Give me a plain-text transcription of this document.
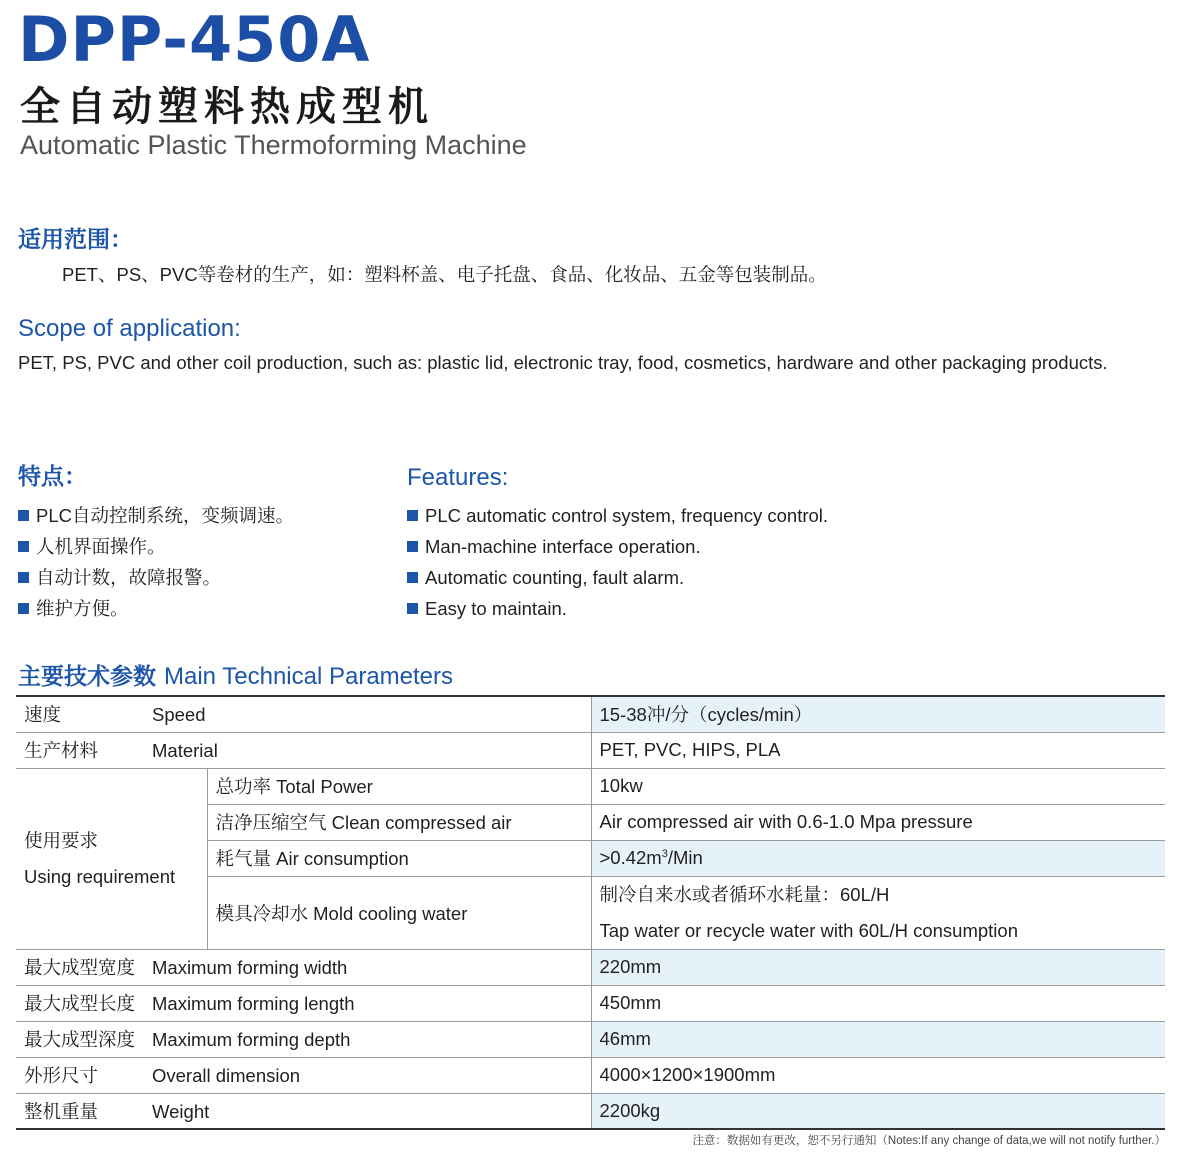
DPP-450A
全自动塑料热成型机
Automatic Plastic Thermoforming Machine
适用范围：
PET、PS、PVC等卷材的生产，如：塑料杯盖、电子托盘、食品、化妆品、五金等包装制品。
Scope of application:
PET, PS, PVC and other coil production, such as: plastic lid, electronic tray, food, cosmetics, hardware and other packaging products.
特点：	Features:
PLC自动控制系统，变频调速。
人机界面操作。
自动计数，故障报警。
维护方便。
PLC automatic control system, frequency control.
Man-machine interface operation.
Automatic counting, fault alarm.
Easy to maintain.
主要技术参数 Main Technical Parameters
速度 Speed		15-38冲/分（cycles/min）
生产材料 Material		PET, PVC, HIPS, PLA

使用要求
Using requirement	总功率 Total Power	10kw
	洁净压缩空气 Clean compressed air	Air compressed air with 0.6-1.0 Mpa pressure
	耗气量 Air consumption	$>0.42m^3$/Min
	模具冷却水 Mold cooling water	制冷自来水或者循环水耗量：60L/H
Tap water or recycle water with 60L/H consumption

最大成型宽度 Maximum forming width		220mm
最大成型长度 Maximum forming length		450mm
最大成型深度 Maximum forming depth		46mm
外形尺寸 Overall dimension		4000×1200×1900mm
整机重量 Weight		2200kg
注意：数据如有更改，恕不另行通知（Notes:If any change of data,we will not notify further.）
